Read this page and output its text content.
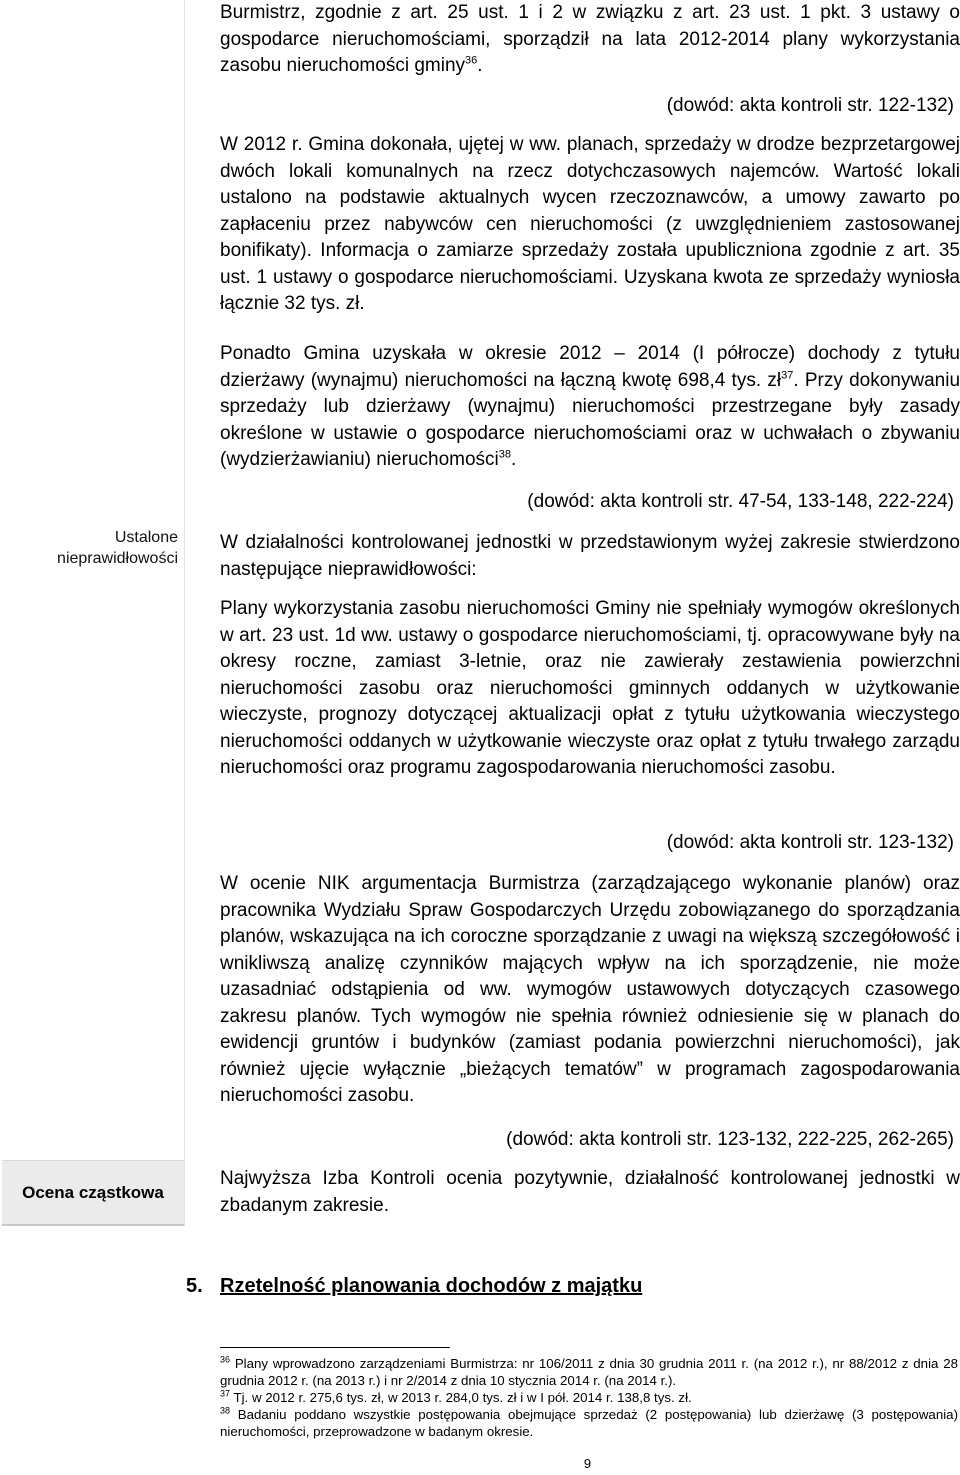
Ustalone nieprawidłowości
Ocena cząstkowa

Burmistrz, zgodnie z art. 25 ust. 1 i 2 w związku z art. 23 ust. 1 pkt. 3 ustawy o gospodarce nieruchomościami, sporządził na lata 2012-2014 plany wykorzystania zasobu nieruchomości gminy$^{36}$.

(dowód: akta kontroli str. 122-132)

W 2012 r. Gmina dokonała, ujętej w ww. planach, sprzedaży w drodze bezprzetargowej dwóch lokali komunalnych na rzecz dotychczasowych najemców. Wartość lokali ustalono na podstawie aktualnych wycen rzeczoznawców, a umowy zawarto po zapłaceniu przez nabywców cen nieruchomości (z uwzględnieniem zastosowanej bonifikaty). Informacja o zamiarze sprzedaży została upubliczniona zgodnie z art. 35 ust. 1 ustawy o gospodarce nieruchomościami. Uzyskana kwota ze sprzedaży wyniosła łącznie 32 tys. zł.

Ponadto Gmina uzyskała w okresie 2012 – 2014 (I półrocze) dochody z tytułu dzierżawy (wynajmu) nieruchomości na łączną kwotę 698,4 tys. $zł^{37}$. Przy dokonywaniu sprzedaży lub dzierżawy (wynajmu) nieruchomości przestrzegane były zasady określone w ustawie o gospodarce nieruchomościami oraz w uchwałach o zbywaniu (wydzierżawianiu) nieruchomości$^{38}$.

(dowód: akta kontroli str. 47-54, 133-148, 222-224)

W działalności kontrolowanej jednostki w przedstawionym wyżej zakresie stwierdzono następujące nieprawidłowości:

Plany wykorzystania zasobu nieruchomości Gminy nie spełniały wymogów określonych w art. 23 ust. 1d ww. ustawy o gospodarce nieruchomościami, tj. opracowywane były na okresy roczne, zamiast 3-letnie, oraz nie zawierały zestawienia powierzchni nieruchomości zasobu oraz nieruchomości gminnych oddanych w użytkowanie wieczyste, prognozy dotyczącej aktualizacji opłat z tytułu użytkowania wieczystego nieruchomości oddanych w użytkowanie wieczyste oraz opłat z tytułu trwałego zarządu nieruchomości oraz programu zagospodarowania nieruchomości zasobu.

(dowód: akta kontroli str. 123-132)

W ocenie NIK argumentacja Burmistrza (zarządzającego wykonanie planów) oraz pracownika Wydziału Spraw Gospodarczych Urzędu zobowiązanego do sporządzania planów, wskazująca na ich coroczne sporządzanie z uwagi na większą szczegółowość i wnikliwszą analizę czynników mających wpływ na ich sporządzenie, nie może uzasadniać odstąpienia od ww. wymogów ustawowych dotyczących czasowego zakresu planów. Tych wymogów nie spełnia również odniesienie się w planach do ewidencji gruntów i budynków (zamiast podania powierzchni nieruchomości), jak również ujęcie wyłącznie „bieżących tematów” w programach zagospodarowania nieruchomości zasobu.

(dowód: akta kontroli str. 123-132, 222-225, 262-265)

Najwyższa Izba Kontroli ocenia pozytywnie, działalność kontrolowanej jednostki w zbadanym zakresie.

5. Rzetelność planowania dochodów z majątku

$^{36}$ Plany wprowadzono zarządzeniami Burmistrza: nr 106/2011 z dnia 30 grudnia 2011 r. (na 2012 r.), nr 88/2012 z dnia 28 grudnia 2012 r. (na 2013 r.) i nr 2/2014 z dnia 10 stycznia 2014 r. (na 2014 r.).

$^{37}$ Tj. w 2012 r. 275,6 tys. zł, w 2013 r. 284,0 tys. zł i w I pół. 2014 r. 138,8 tys. zł.

$^{38}$ Badaniu poddano wszystkie postępowania obejmujące sprzedaż (2 postępowania) lub dzierżawę (3 postępowania) nieruchomości, przeprowadzone w badanym okresie.

9
